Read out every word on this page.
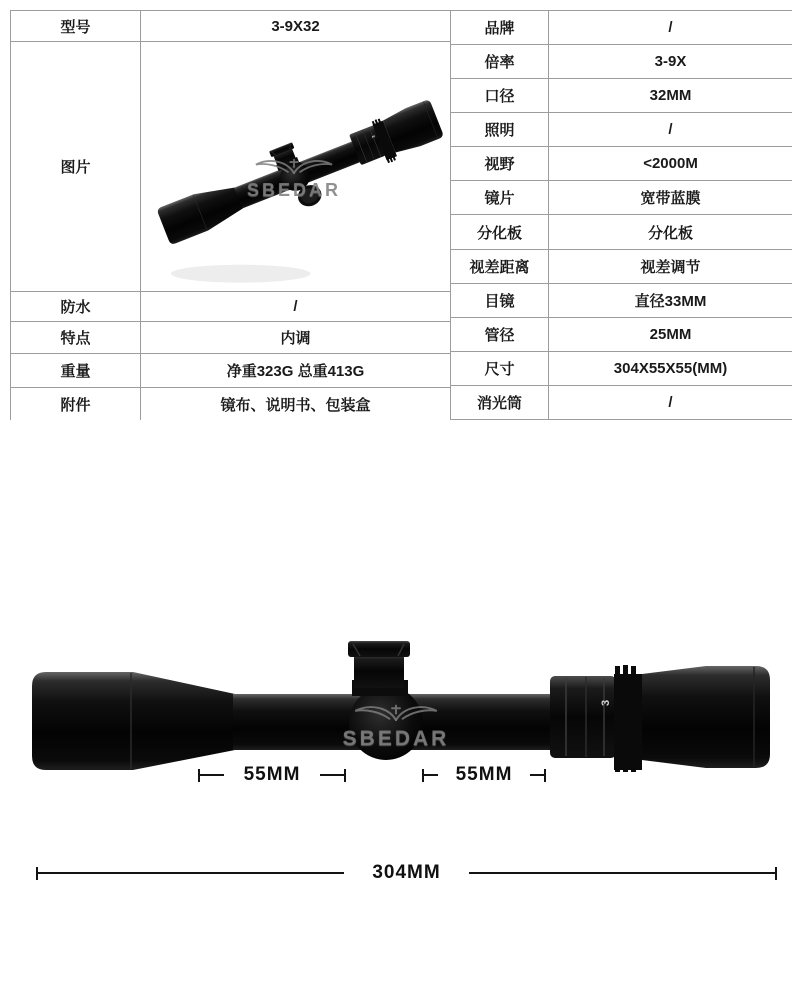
型号	3-9X32
图片
SBEDAR
防水	/
特点	内调
重量	净重323G 总重413G
附件	镜布、说明书、包装盒
品牌	/
倍率	3-9X
口径	32MM
照明	/
视野	<2000M
镜片	宽带蓝膜
分化板	分化板
视差距离	视差调节
目镜	直径33MM
管径	25MM
尺寸	304X55X55(MM)
消光筒	/
SBEDAR
55MM	55MM
304MM
